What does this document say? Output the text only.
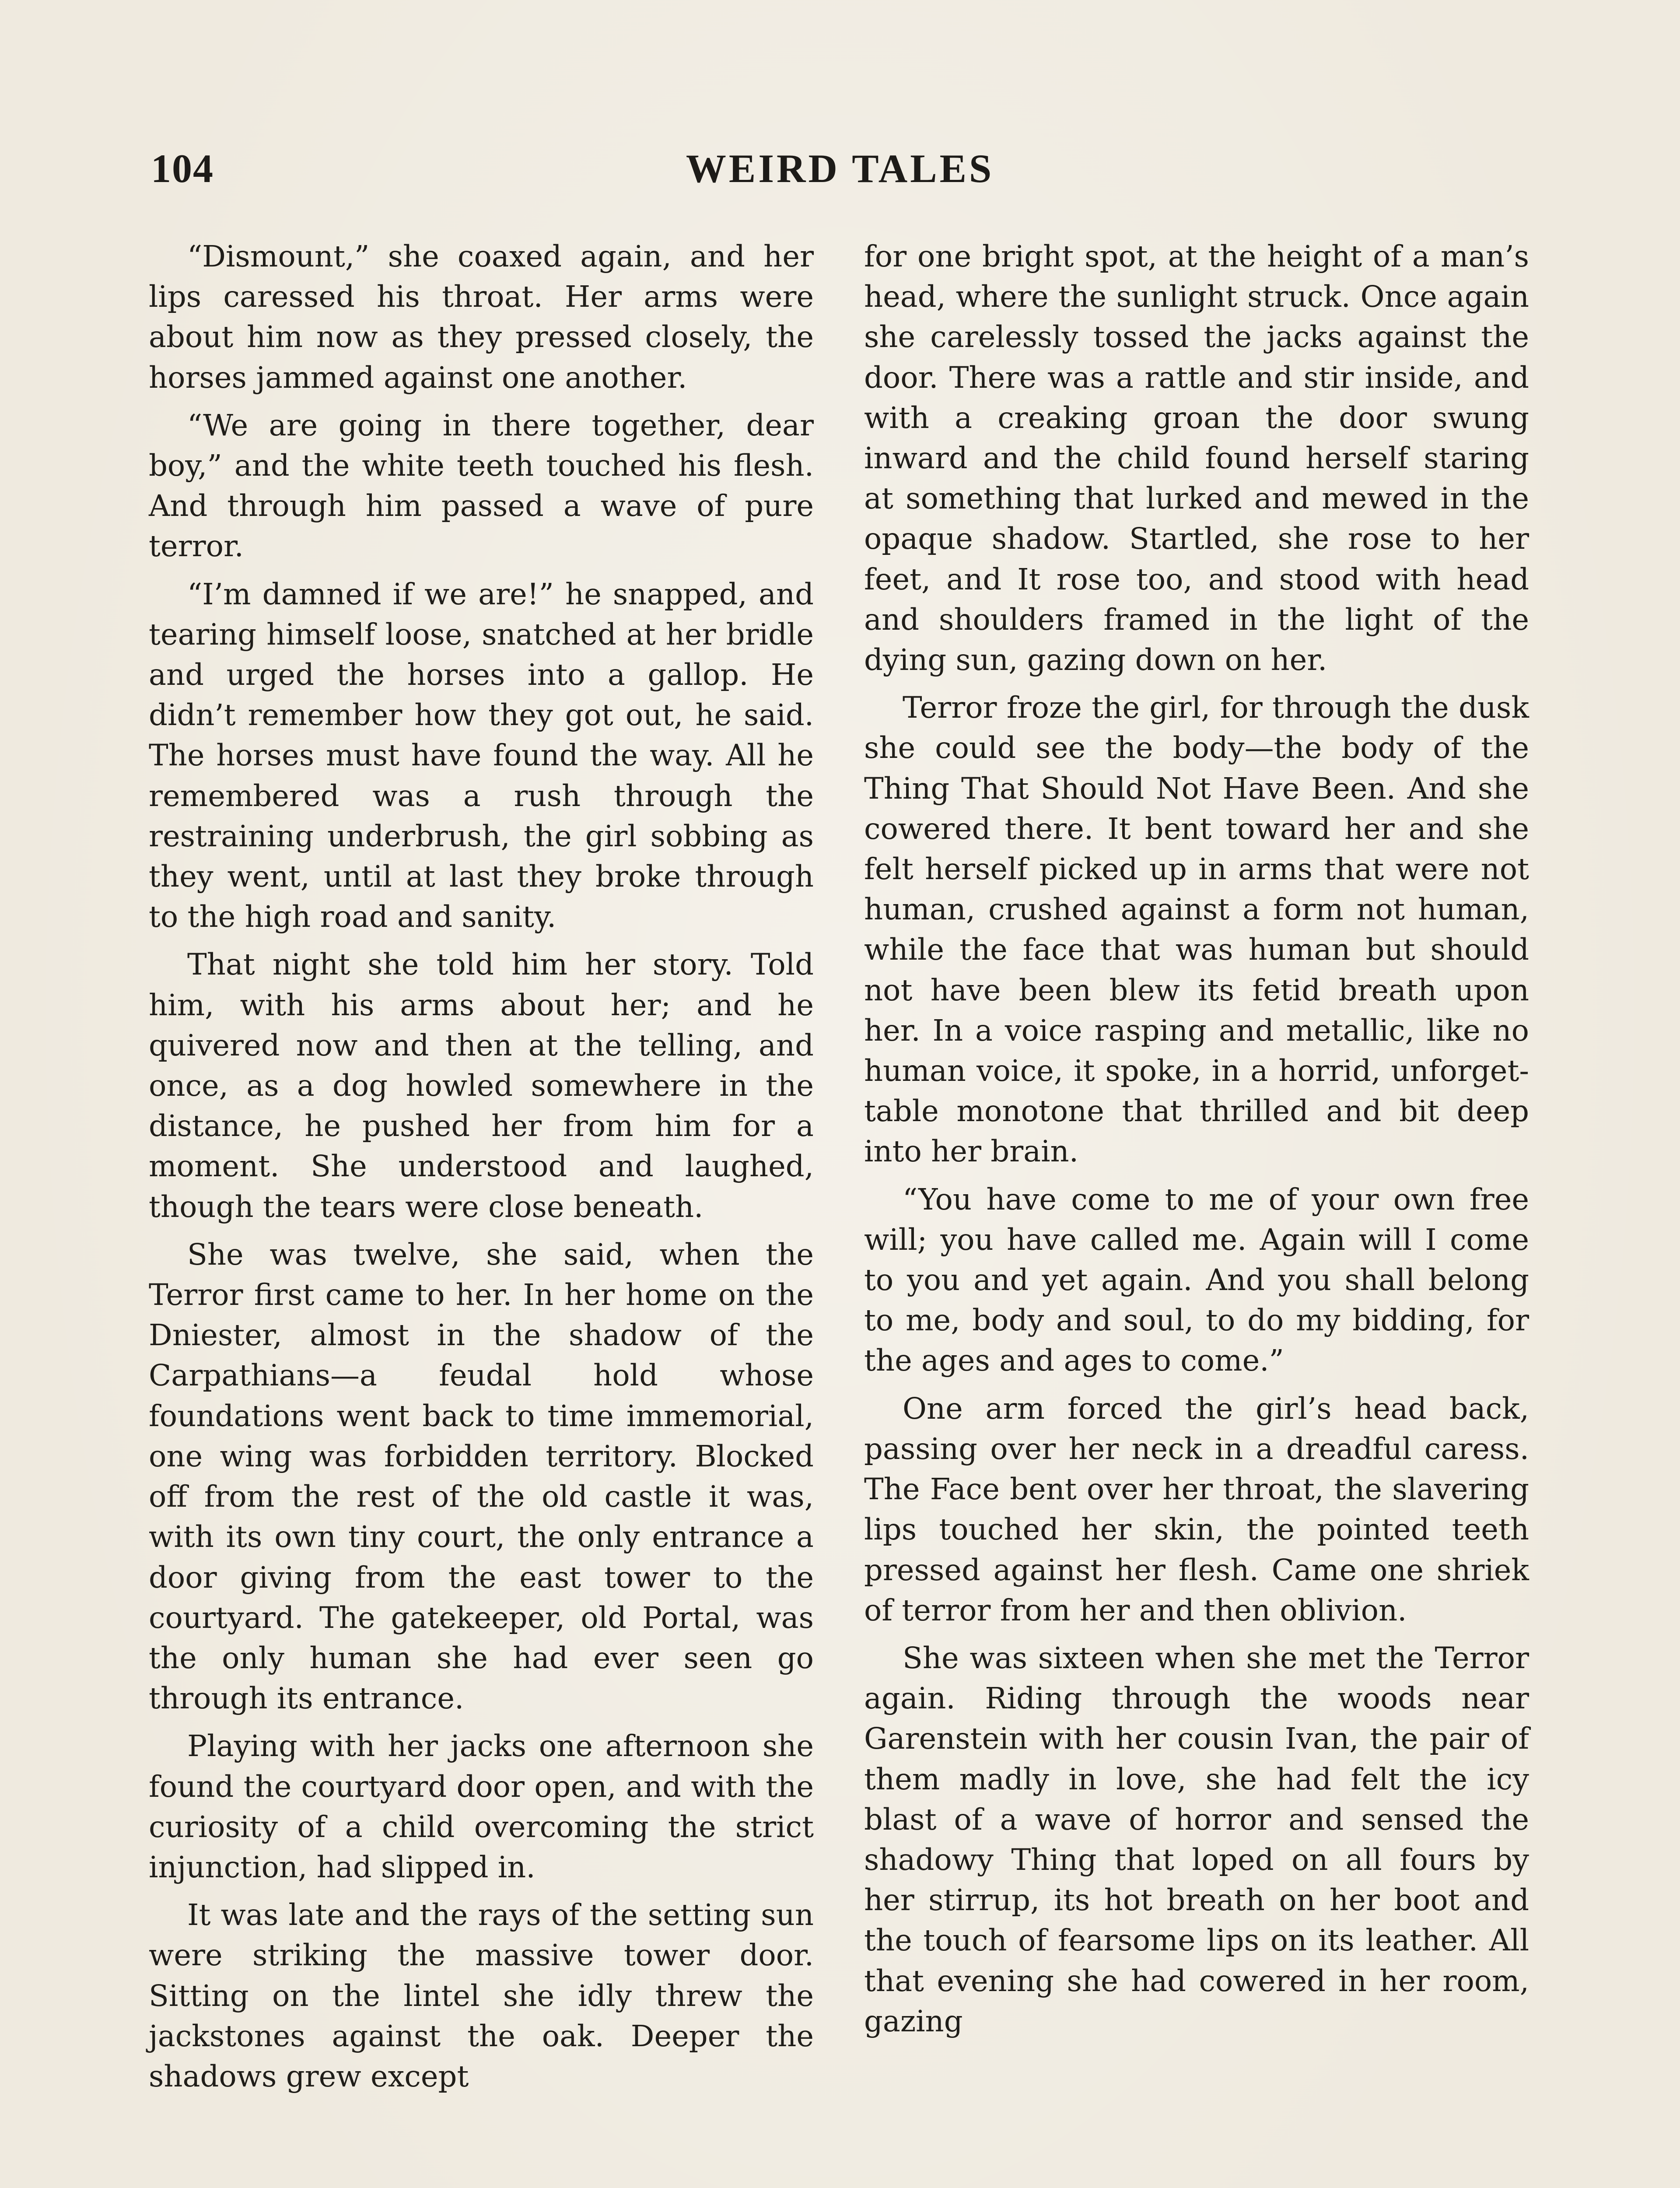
104	WEIRD TALES

“Dismount,” she coaxed again, and her lips caressed his throat. Her arms were about him now as they pressed closely, the horses jammed against one another.

“We are going in there together, dear boy,” and the white teeth touched his flesh. And through him passed a wave of pure terror.

“I’m damned if we are!” he snapped, and tearing himself loose, snatched at her bridle and urged the horses into a gallop. He didn’t remember how they got out, he said. The horses must have found the way. All he remembered was a rush through the restraining underbrush, the girl sobbing as they went, until at last they broke through to the high road and sanity.

That night she told him her story. Told him, with his arms about her; and he quivered now and then at the telling, and once, as a dog howled somewhere in the distance, he pushed her from him for a moment. She understood and laughed, though the tears were close beneath.

She was twelve, she said, when the Terror first came to her. In her home on the Dniester, almost in the shadow of the Carpathians—a feudal hold whose foundations went back to time immemorial, one wing was forbidden territory. Blocked off from the rest of the old castle it was, with its own tiny court, the only entrance a door giving from the east tower to the courtyard. The gatekeeper, old Portal, was the only human she had ever seen go through its entrance.

Playing with her jacks one afternoon she found the courtyard door open, and with the curiosity of a child overcoming the strict injunction, had slipped in.

It was late and the rays of the setting sun were striking the massive tower door. Sitting on the lintel she idly threw the jackstones against the oak. Deeper the shadows grew except

for one bright spot, at the height of a man’s head, where the sunlight struck. Once again she carelessly tossed the jacks against the door. There was a rattle and stir inside, and with a creaking groan the door swung inward and the child found herself staring at something that lurked and mewed in the opaque shadow. Startled, she rose to her feet, and It rose too, and stood with head and shoulders framed in the light of the dying sun, gazing down on her.

Terror froze the girl, for through the dusk she could see the body—the body of the Thing That Should Not Have Been. And she cowered there. It bent toward her and she felt herself picked up in arms that were not human, crushed against a form not human, while the face that was human but should not have been blew its fetid breath upon her. In a voice rasping and metallic, like no human voice, it spoke, in a horrid, unforgettable monotone that thrilled and bit deep into her brain.

“You have come to me of your own free will; you have called me. Again will I come to you and yet again. And you shall belong to me, body and soul, to do my bidding, for the ages and ages to come.”

One arm forced the girl’s head back, passing over her neck in a dreadful caress. The Face bent over her throat, the slavering lips touched her skin, the pointed teeth pressed against her flesh. Came one shriek of terror from her and then oblivion.

She was sixteen when she met the Terror again. Riding through the woods near Garenstein with her cousin Ivan, the pair of them madly in love, she had felt the icy blast of a wave of horror and sensed the shadowy Thing that loped on all fours by her stirrup, its hot breath on her boot and the touch of fearsome lips on its leather. All that evening she had cowered in her room, gazing
